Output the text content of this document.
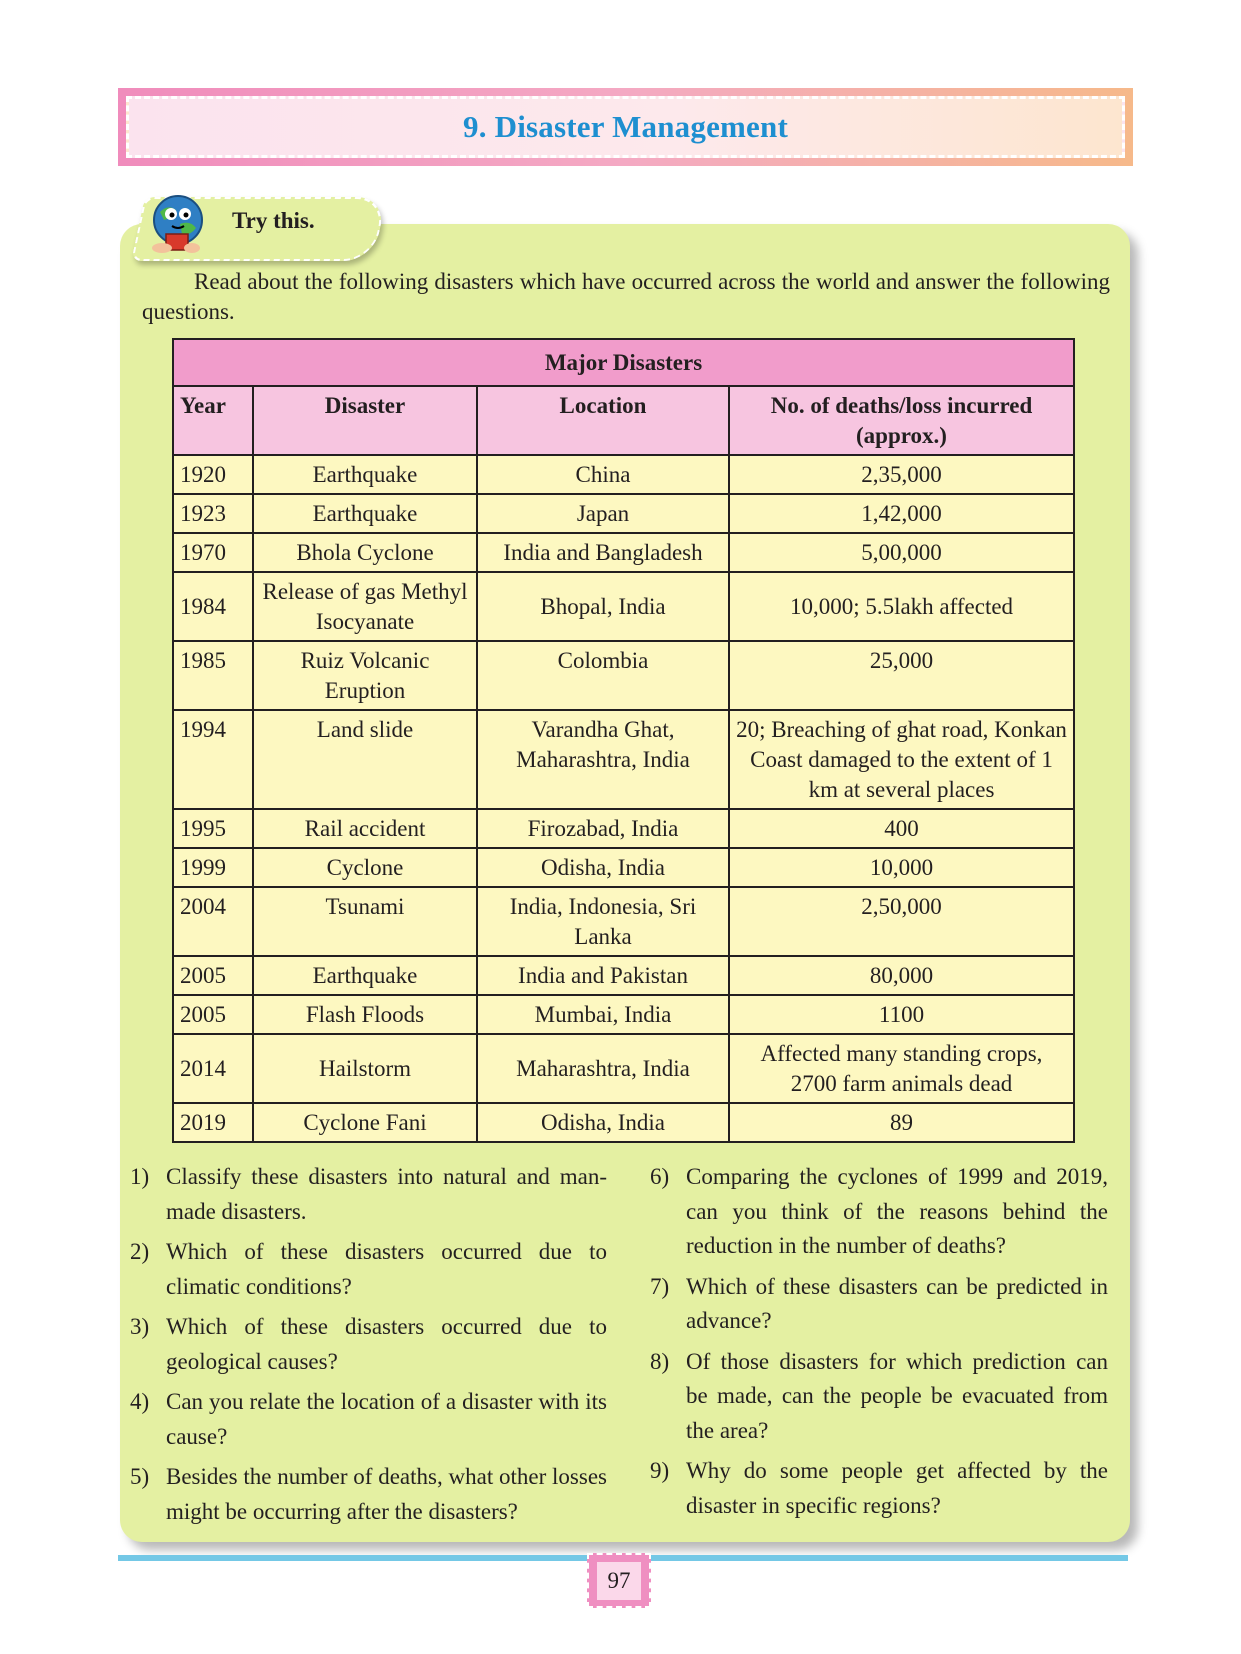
9. Disaster Management
Try this.

Read about the following disasters which have occurred across the world and answer the following questions.

Major Disasters			
Year	Disaster	Location	No. of deaths/loss incurred (approx.)
1920	Earthquake	China	2,35,000
1923	Earthquake	Japan	1,42,000
1970	Bhola Cyclone	India and Bangladesh	5,00,000
1984	Release of gas Methyl Isocyanate	Bhopal, India	10,000; 5.5lakh affected
1985	Ruiz Volcanic Eruption	Colombia	25,000
1994	Land slide	Varandha Ghat, Maharashtra, India	20; Breaching of ghat road, Konkan Coast damaged to the extent of 1 km at several places
1995	Rail accident	Firozabad, India	400
1999	Cyclone	Odisha, India	10,000
2004	Tsunami	India, Indonesia, Sri Lanka	2,50,000
2005	Earthquake	India and Pakistan	80,000
2005	Flash Floods	Mumbai, India	1100
2014	Hailstorm	Maharashtra, India	Affected many standing crops, 2700 farm animals dead
2019	Cyclone Fani	Odisha, India	89
1) Classify these disasters into natural and man-made disasters.
2) Which of these disasters occurred due to climatic conditions?
3) Which of these disasters occurred due to geological causes?
4) Can you relate the location of a disaster with its cause?
5) Besides the number of deaths, what other losses might be occurring after the disasters?
6) Comparing the cyclones of 1999 and 2019, can you think of the reasons behind the reduction in the number of deaths?
7) Which of these disasters can be predicted in advance?
8) Of those disasters for which prediction can be made, can the people be evacuated from the area?
9) Why do some people get affected by the disaster in specific regions?
97
